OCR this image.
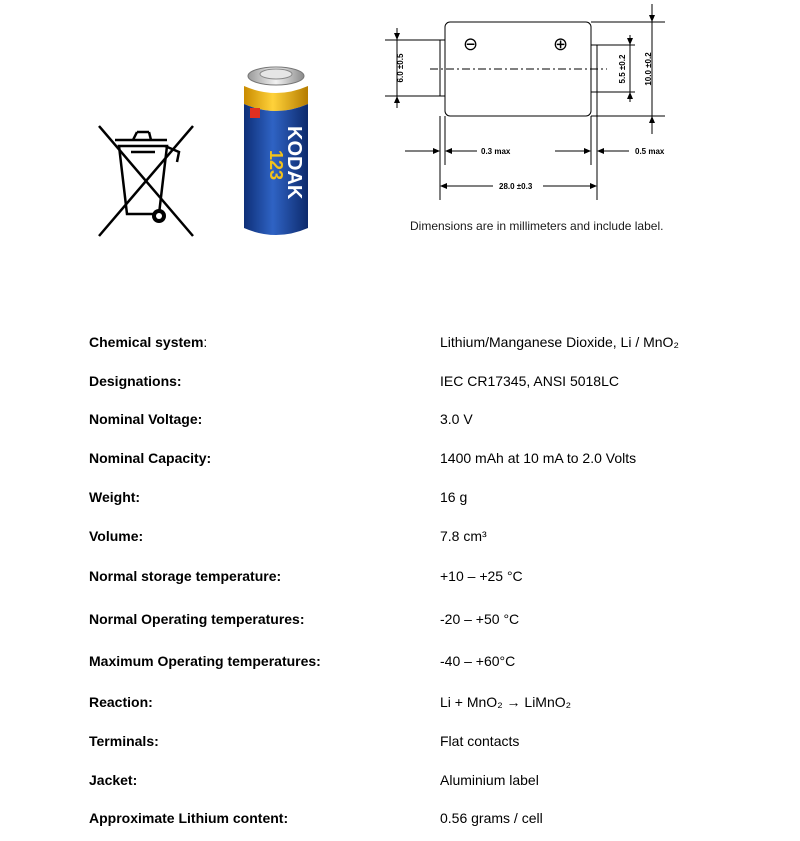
123
KODAK
⊖	⊕
6.0 ±0.5	5.5 ±0.2 10.0 ±0.2
0.3 max	0.5 max
28.0 ±0.3
Dimensions are in millimeters and include label.
Chemical system:	Lithium/Manganese Dioxide, Li / MnO₂
Designations:	IEC CR17345, ANSI 5018LC
Nominal Voltage:	3.0 V
Nominal Capacity:	1400 mAh at 10 mA to 2.0 Volts
Weight:	16 g
Volume:	7.8 cm³
Normal storage temperature:	+10 – +25 °C
Normal Operating temperatures:	-20 – +50 °C
Maximum Operating temperatures:	-40 – +60°C
Reaction:	Li + MnO₂ → LiMnO₂
Terminals:	Flat contacts
Jacket:	Aluminium label
Approximate Lithium content:	0.56 grams / cell
